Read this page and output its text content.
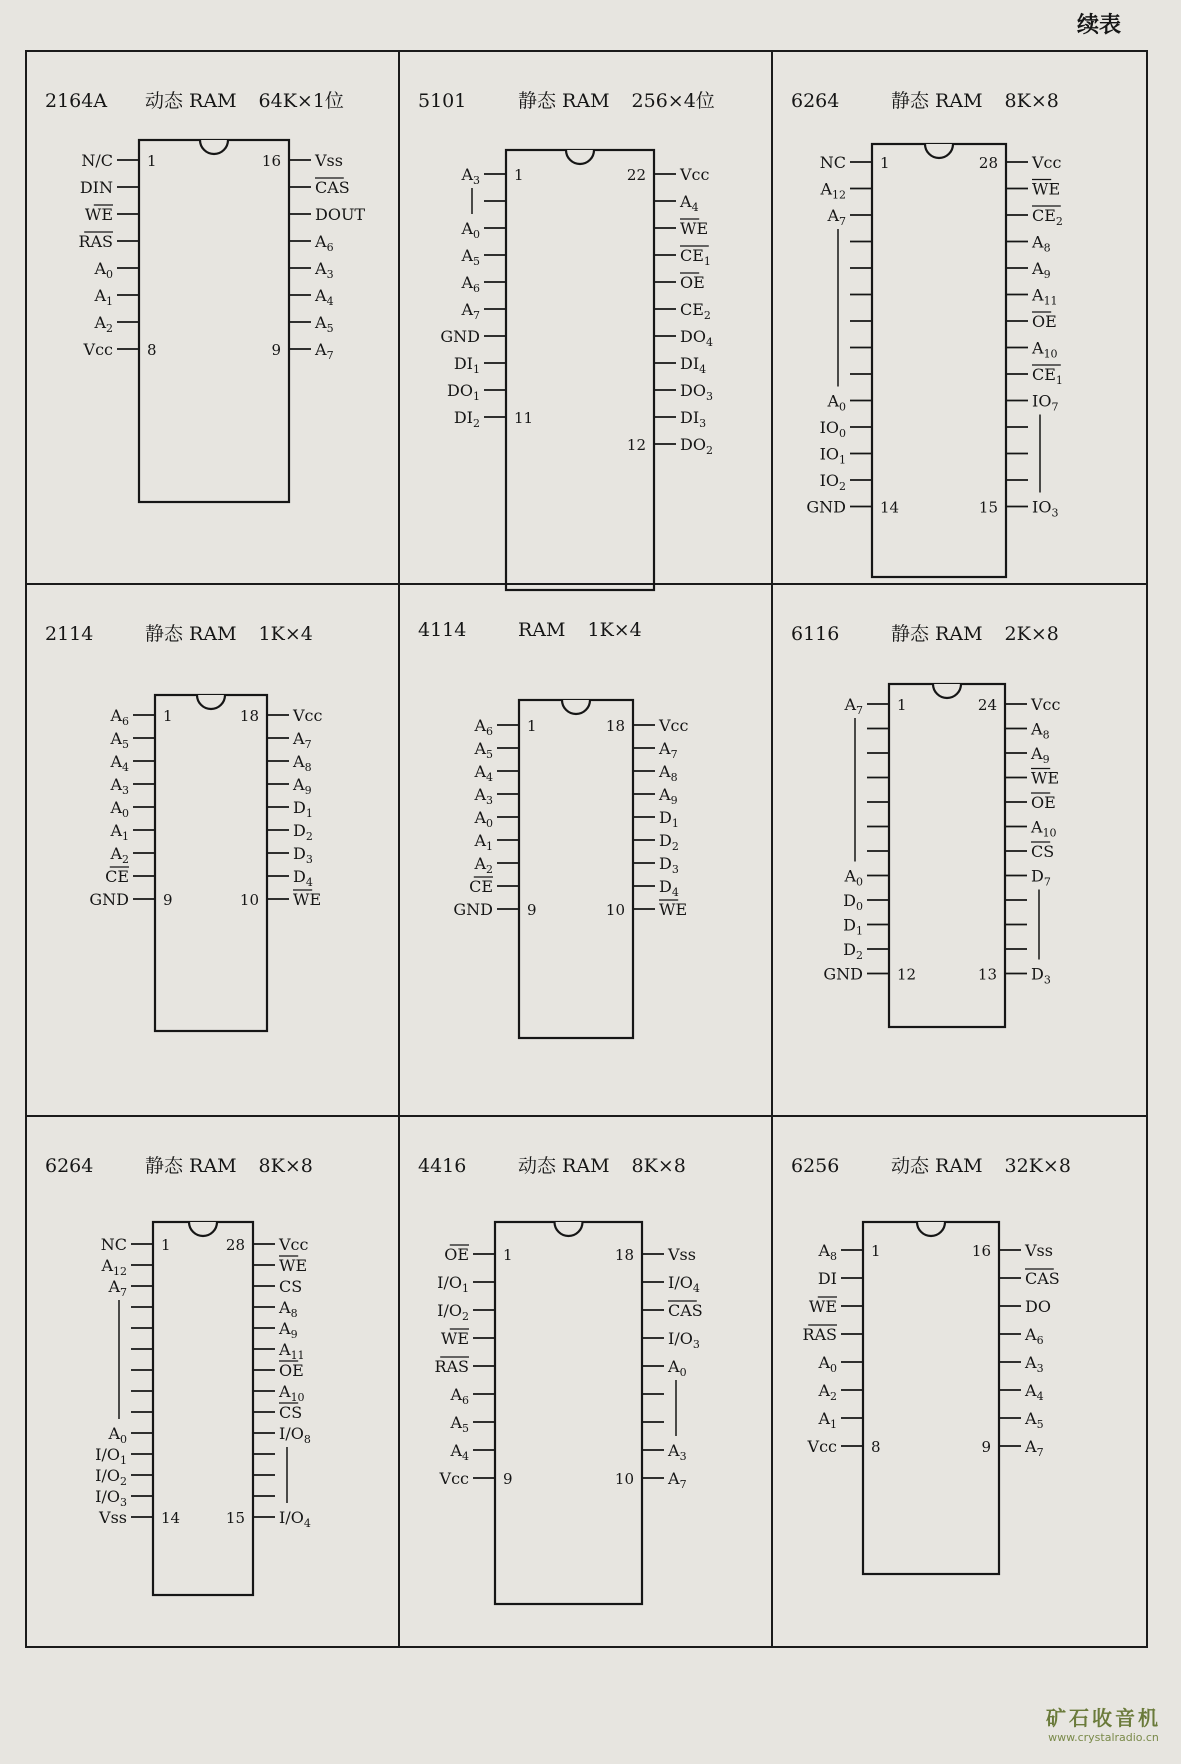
续表
2164A 动态 RAM 64K×1位
N/C 1
DIN
WE
RAS
$A_0$
$A_1$
$A_2$
Vcc 8
Vss
16
CAS
DOUT
$A_6$
$A_3$
$A_4$
$A_5$
$A_7$
9
5101	静态 RAM 256×4位
$A_3$ 1
$A_0$
$A_5$
$A_6$
$A_7$
GND
$DI_1$
$DO_1$
$DI_2$ 11
Vcc
22
$A_4$
WE
$CE_1$
OE
$CE_2$
$DO_4$
$DI_4$
$DO_3$
$DI_3$
$DO_2$
12
6264	静态 RAM 8K×8
NC 1
$A_{12}$
$A_7$
$A_0$
$IO_0$
$IO_1$
$IO_2$
GND 14
Vcc
28
WE
$CE_2$
$A_8$
$A_9$
$A_{11}$
OE
$A_{10}$
$CE_1$
$IO_7$
$IO_3$
15
2114	静态 RAM 1K×4
$A_6$ 1
$A_5$
$A_4$
$A_3$
$A_0$
$A_1$
$A_2$
CE
GND 9
Vcc
18
$A_7$
$A_8$
$A_9$
$D_1$
$D_2$
$D_3$
$D_4$
WE
10
4114	RAM 1K×4
$A_6$ 1
$A_5$
$A_4$
$A_3$
$A_0$
$A_1$
$A_2$
CE
GND 9
Vcc
18
$A_7$
$A_8$
$A_9$
$D_1$
$D_2$
$D_3$
$D_4$
WE
10
6116	静态 RAM 2K×8
$A_7$ 1
$A_0$
$D_0$
$D_1$
$D_2$
GND 12
Vcc
24
$A_8$
$A_9$
WE
OE
$A_{10}$
CS
$D_7$
$D_3$
13
6264	静态 RAM 8K×8
NC 1
$A_{12}$
$A_7$
$A_0$
$I/O_1$
$I/O_2$
$I/O_3$
Vss 14
Vcc
28
WE
CS
$A_8$
$A_9$
$A_{11}$
OE
$A_{10}$
CS
$I/O_8$
$I/O_4$
15
4416	动态 RAM 8K×8
OE 1
$I/O_1$
$I/O_2$
WE
RAS
$A_6$
$A_5$
$A_4$
Vcc 9
Vss
18
$I/O_4$
CAS
$I/O_3$
$A_0$
$A_3$
$A_7$
10
6256	动态 RAM 32K×8
$A_8$ 1
DI
WE
RAS
$A_0$
$A_2$
$A_1$
Vcc 8
Vss
16
CAS
DO
$A_6$
$A_3$
$A_4$
$A_5$
$A_7$
9
矿石收音机
www.crystalradio.cn
